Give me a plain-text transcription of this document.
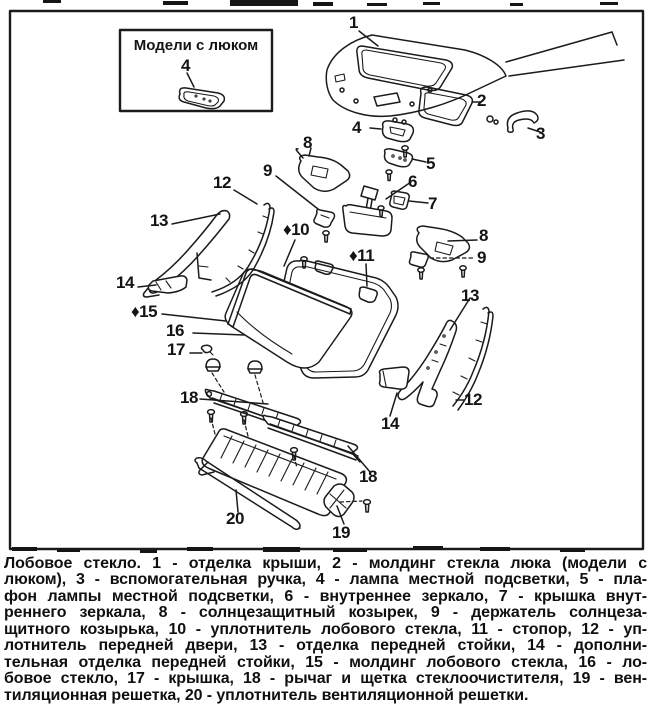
Модели с люком
4
1
2
3
4
5
6
7
8
9
8
9
♦10
♦11
12
13
14
♦15
16
17
18
13
12
14
18
19
20
Лобовое стекло. 1 - отделка крыши, 2 - молдинг стекла люка (модели с
люком), 3 - вспомогательная ручка, 4 - лампа местной подсветки, 5 - пла-
фон лампы местной подсветки, 6 - внутреннее зеркало, 7 - крышка внут-
реннего зеркала, 8 - солнцезащитный козырек, 9 - держатель солнцеза-
щитного козырька, 10 - уплотнитель лобового стекла, 11 - стопор, 12 - уп-
лотнитель передней двери, 13 - отделка передней стойки, 14 - дополни-
тельная отделка передней стойки, 15 - молдинг лобового стекла, 16 - ло-
бовое стекло, 17 - крышка, 18 - рычаг и щетка стеклоочистителя, 19 - вен-
тиляционная решетка, 20 - уплотнитель вентиляционной решетки.
